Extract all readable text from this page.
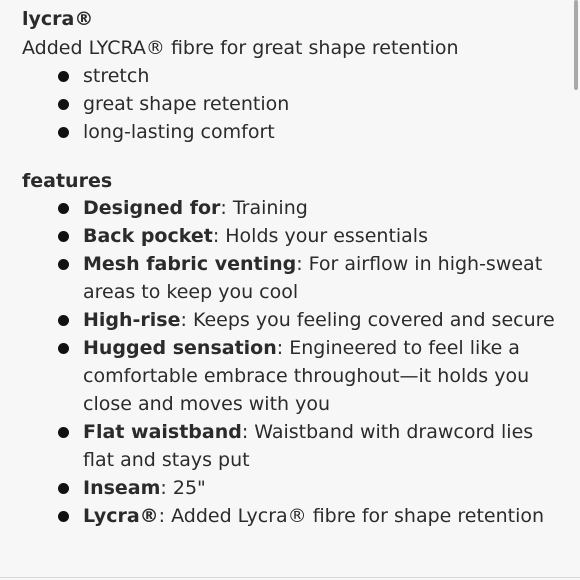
lycra®

Added LYCRA® fibre for great shape retention

stretch
great shape retention
long-lasting comfort
features
Designed for: Training
Back pocket: Holds your essentials
Mesh fabric venting: For airflow in high-sweat areas to keep you cool
High-rise: Keeps you feeling covered and secure
Hugged sensation: Engineered to feel like a comfortable embrace throughout—it holds you close and moves with you
Flat waistband: Waistband with drawcord lies flat and stays put
Inseam: 25"
Lycra®: Added Lycra® fibre for shape retention
